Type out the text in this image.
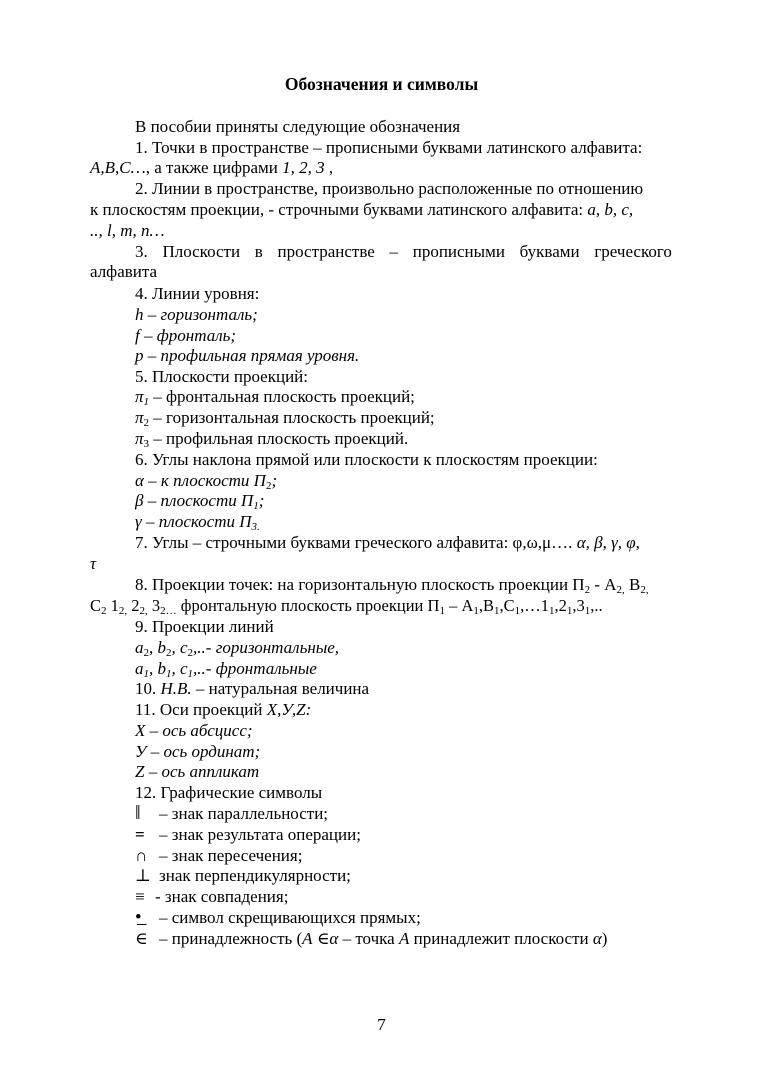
Обозначения и символы
В пособии приняты следующие обозначения
1. Точки в пространстве – прописными буквами латинского алфавита:
A,B,C…, а также цифрами 1, 2, 3 ,
2. Линии в пространстве, произвольно расположенные по отношению
к плоскостям проекции, - строчными буквами латинского алфавита: a, b, c,
.., l, m, n…
3. Плоскости в пространстве – прописными буквами греческого
алфавита
4. Линии уровня:
h – горизонталь;
f – фронталь;
p – профильная прямая уровня.
5. Плоскости проекций:
$\pi_1$ – фронтальная плоскость проекций;
$\pi_2$ – горизонтальная плоскость проекций;
$\pi_3$ – профильная плоскость проекций.
6. Углы наклона прямой или плоскости к плоскостям проекции:
α – к плоскости $П_2$;
β – плоскости $П_1$;
γ – плоскости $П_{3.}$
7. Углы – строчными буквами греческого алфавита: φ,ω,μ…. α, β, γ, φ,
τ
8. Проекции точек: на горизонтальную плоскость проекции $П_2 - А_{2,}$ $В_{2,}$
$С_2$ $1_{2,}$ $2_{2,}$ $3_{2\dots}$ фронтальную плоскость проекции $П_1$ – $А_1,В_1,С_1,\dots 1_1,2_1,3_1$,..
9. Проекции линий
$a_2$, $b_2$, $c_2,..-$ горизонтальные,
$a_1$, $b_1$, $c_1,..-$ фронтальные
10. Н.В. – натуральная величина
11. Оси проекций X,У,Z:
X – ось абсцисс;
У – ось ординат;
Z – ось аппликат
12. Графические символы
‖ – знак параллельности;
= – знак результата операции;
∩ – знак пересечения;
⊥ знак перпендикулярности;
≡ - знак совпадения;
•̲ – символ скрещивающихся прямых;
∈ – принадлежность (А ∈α – точка А принадлежит плоскости α)
7
